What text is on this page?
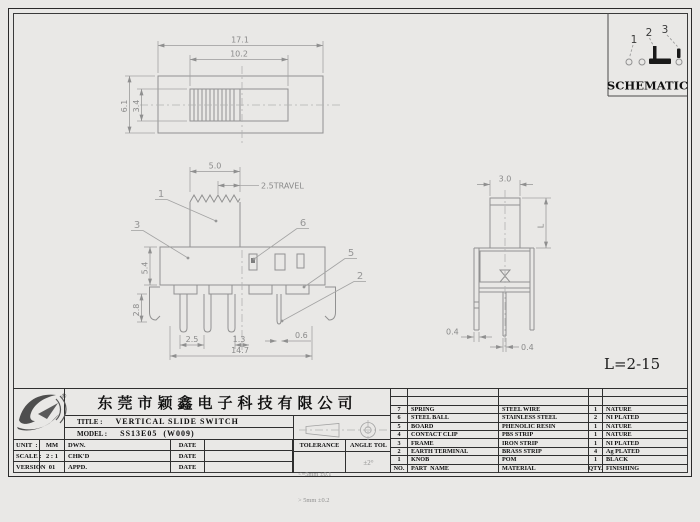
东莞市颖鑫电子科技有限公司
TITLE : VERTICAL SLIDE SWITCH
MODEL : SS13E05  (W009)
UNIT  :	MM	DWN.	DATE
SCALE : 2 : 1	CHK'D	DATE
VERSION 01	APPD.	DATE
TOLERANCE	ANGLE TOL

<=5mm ±0.1

> 5mm ±0.2

±2°
7	SPRING	STEEL WIRE	1	NATURE
6	STEEL BALL	STAINLESS STEEL	2	NI PLATED
5	BOARD	PHENOLIC RESIN	1	NATURE
4	CONTACT CLIP	PBS STRIP	1	NATURE
3	FRAME	IRON STRIP	1	NI PLATED
2	EARTH TERMINAL	BRASS STRIP	4	Ag PLATED
1	KNOB	POM	1	BLACK
NO.	PART  NAME	MATERIAL	QTY. FINISHING
17.1
10.2
6.1 3.4
5.0
2.5TRAVEL
5.4
2.8
2.5	1.3	0.6
14.7
1
3	6
5
2
3.0
L
0.4
0.4
L=2-15
1
2 3
SCHEMATIC
®
